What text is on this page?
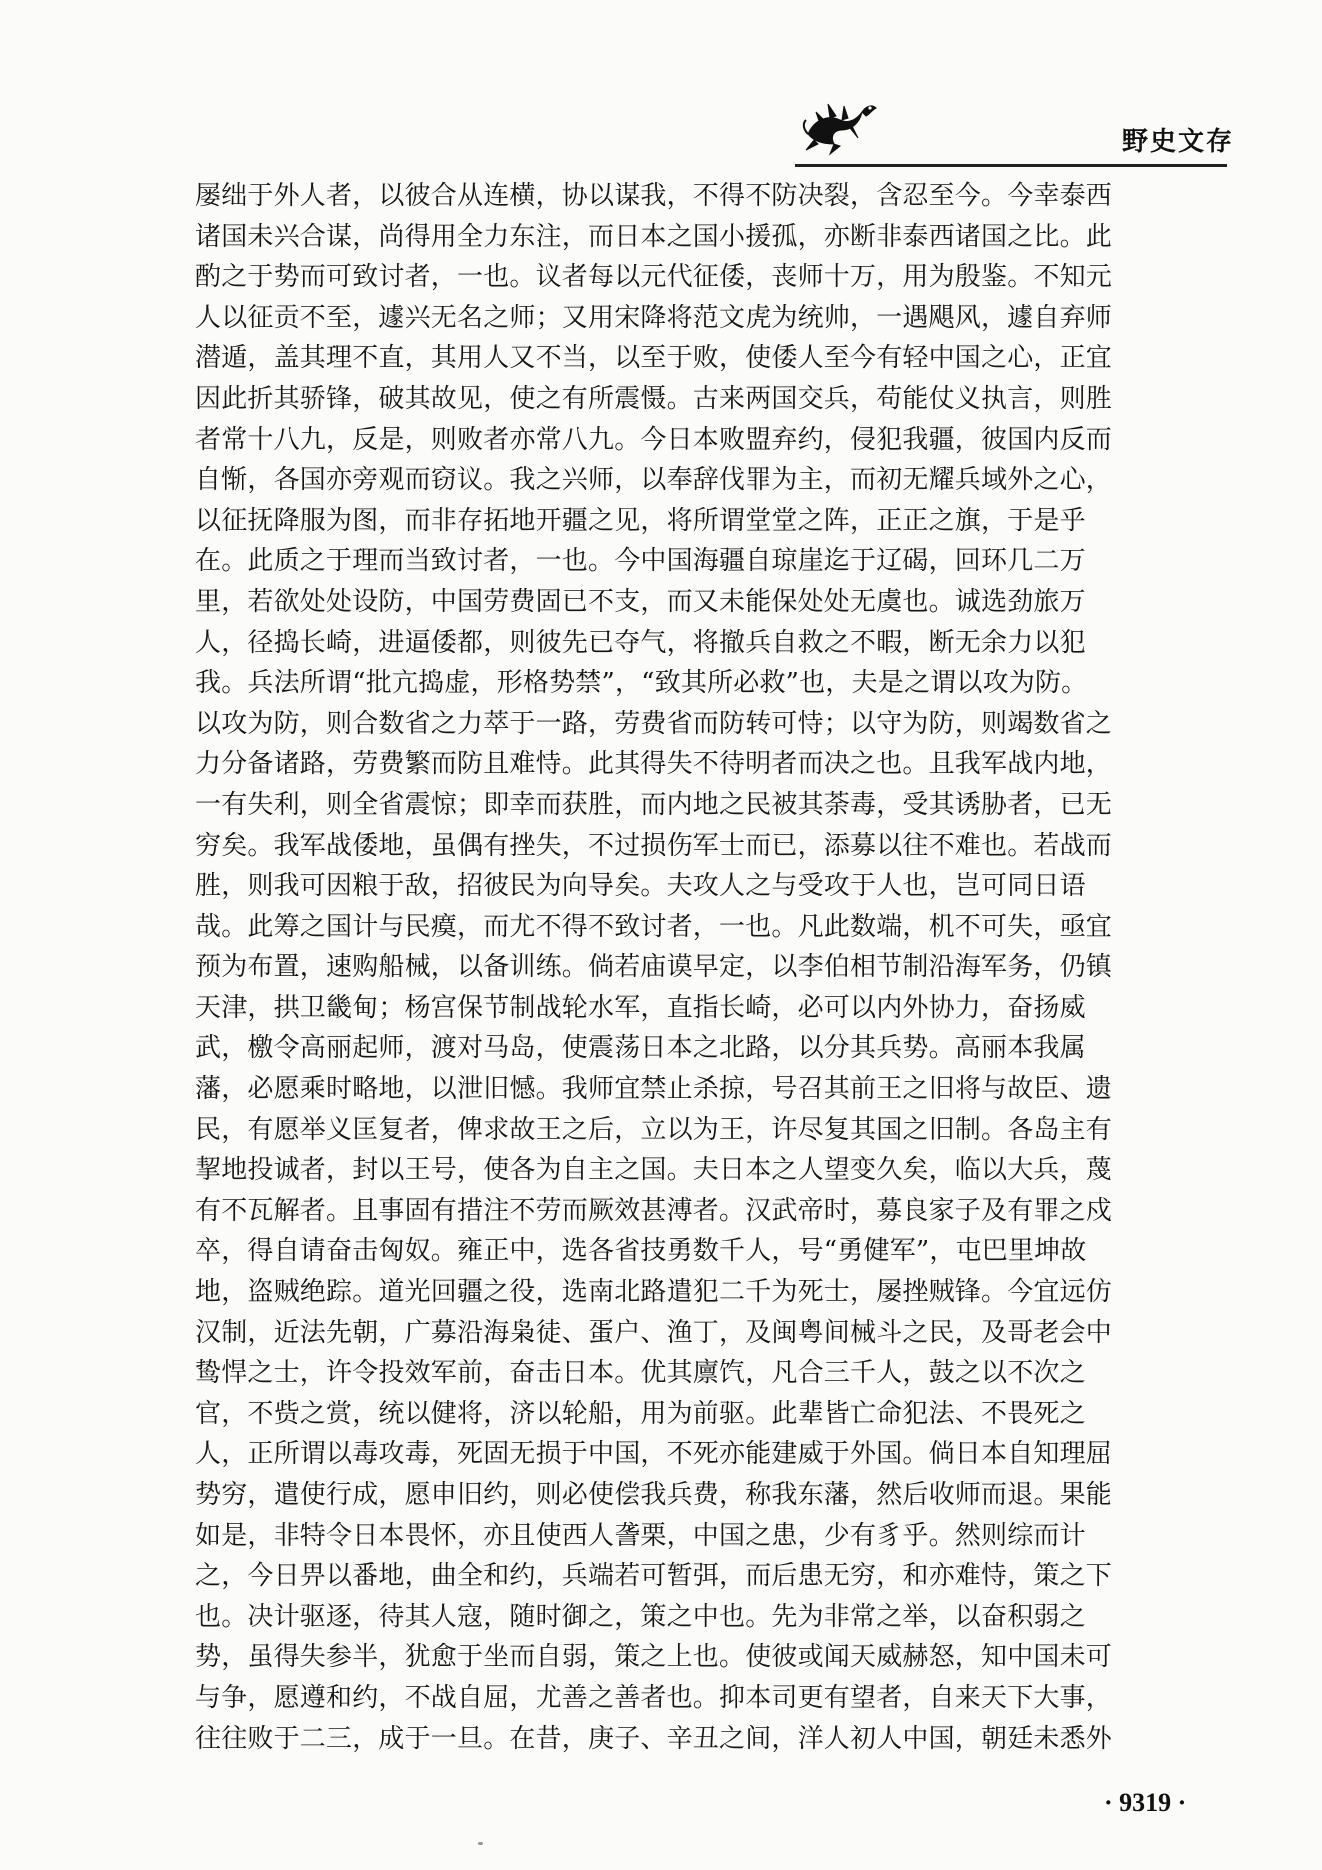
野史文存
屡绌于外人者，以彼合从连横，协以谋我，不得不防决裂，含忍至今。今幸泰西
诸国未兴合谋，尚得用全力东注，而日本之国小援孤，亦断非泰西诸国之比。此
酌之于势而可致讨者，一也。议者每以元代征倭，丧师十万，用为殷鉴。不知元
人以征贡不至，遽兴无名之师；又用宋降将范文虎为统帅，一遇飓风，遽自弃师
潜遁，盖其理不直，其用人又不当，以至于败，使倭人至今有轻中国之心，正宜
因此折其骄锋，破其故见，使之有所震慑。古来两国交兵，苟能仗义执言，则胜
者常十八九，反是，则败者亦常八九。今日本败盟弃约，侵犯我疆，彼国内反而
自惭，各国亦旁观而窃议。我之兴师，以奉辞伐罪为主，而初无耀兵域外之心，
以征抚降服为图，而非存拓地开疆之见，将所谓堂堂之阵，正正之旗，于是乎
在。此质之于理而当致讨者，一也。今中国海疆自琼崖迄于辽碣，回环几二万
里，若欲处处设防，中国劳费固已不支，而又未能保处处无虞也。诚选劲旅万
人，径捣长崎，进逼倭都，则彼先已夺气，将撤兵自救之不暇，断无余力以犯
我。兵法所谓“批亢捣虚，形格势禁”，“致其所必救”也，夫是之谓以攻为防。
以攻为防，则合数省之力萃于一路，劳费省而防转可恃；以守为防，则竭数省之
力分备诸路，劳费繁而防且难恃。此其得失不待明者而决之也。且我军战内地，
一有失利，则全省震惊；即幸而获胜，而内地之民被其荼毒，受其诱胁者，已无
穷矣。我军战倭地，虽偶有挫失，不过损伤军士而已，添募以往不难也。若战而
胜，则我可因粮于敌，招彼民为向导矣。夫攻人之与受攻于人也，岂可同日语
哉。此筹之国计与民瘼，而尤不得不致讨者，一也。凡此数端，机不可失，亟宜
预为布置，速购船械，以备训练。倘若庙谟早定，以李伯相节制沿海军务，仍镇
天津，拱卫畿甸；杨宫保节制战轮水军，直指长崎，必可以内外协力，奋扬威
武，檄令高丽起师，渡对马岛，使震荡日本之北路，以分其兵势。高丽本我属
藩，必愿乘时略地，以泄旧憾。我师宜禁止杀掠，号召其前王之旧将与故臣、遗
民，有愿举义匡复者，俾求故王之后，立以为王，许尽复其国之旧制。各岛主有
挈地投诚者，封以王号，使各为自主之国。夫日本之人望变久矣，临以大兵，蔑
有不瓦解者。且事固有措注不劳而厥效甚溥者。汉武帝时，募良家子及有罪之戍
卒，得自请奋击匈奴。雍正中，选各省技勇数千人，号“勇健军”，屯巴里坤故
地，盗贼绝踪。道光回疆之役，选南北路遣犯二千为死士，屡挫贼锋。今宜远仿
汉制，近法先朝，广募沿海枭徒、蛋户、渔丁，及闽粤间械斗之民，及哥老会中
鸷悍之士，许令投效军前，奋击日本。优其廪饩，凡合三千人，鼓之以不次之
官，不赀之赏，统以健将，济以轮船，用为前驱。此辈皆亡命犯法、不畏死之
人，正所谓以毒攻毒，死固无损于中国，不死亦能建威于外国。倘日本自知理屈
势穷，遣使行成，愿申旧约，则必使偿我兵费，称我东藩，然后收师而退。果能
如是，非特令日本畏怀，亦且使西人詟栗，中国之患，少有豸乎。然则综而计
之，今日畀以番地，曲全和约，兵端若可暂弭，而后患无穷，和亦难恃，策之下
也。决计驱逐，待其人寇，随时御之，策之中也。先为非常之举，以奋积弱之
势，虽得失参半，犹愈于坐而自弱，策之上也。使彼或闻天威赫怒，知中国未可
与争，愿遵和约，不战自屈，尤善之善者也。抑本司更有望者，自来天下大事，
往往败于二三，成于一旦。在昔，庚子、辛丑之间，洋人初人中国，朝廷未悉外
· 9319 ·
